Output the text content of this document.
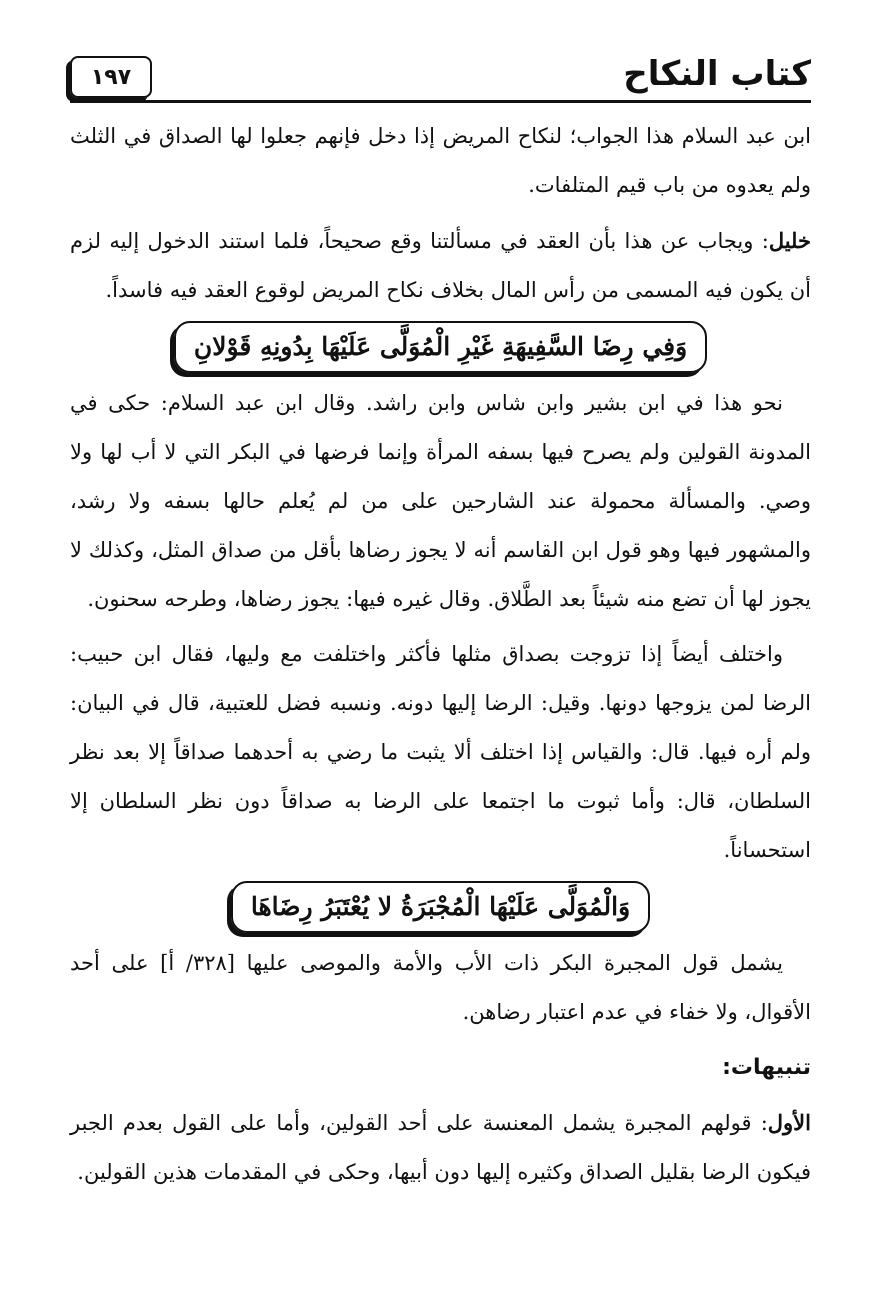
كتاب النكاح
١٩٧

ابن عبد السلام هذا الجواب؛ لنكاح المريض إذا دخل فإنهم جعلوا لها الصداق في الثلث ولم يعدوه من باب قيم المتلفات.

خليل: ويجاب عن هذا بأن العقد في مسألتنا وقع صحيحاً، فلما استند الدخول إليه لزم أن يكون فيه المسمى من رأس المال بخلاف نكاح المريض لوقوع العقد فيه فاسداً.

وَفِي رِضَا السَّفِيهَةِ غَيْرِ الْمُوَلَّى عَلَيْهَا بِدُونِهِ قَوْلانِ

نحو هذا في ابن بشير وابن شاس وابن راشد. وقال ابن عبد السلام: حكى في المدونة القولين ولم يصرح فيها بسفه المرأة وإنما فرضها في البكر التي لا أب لها ولا وصي. والمسألة محمولة عند الشارحين على من لم يُعلم حالها بسفه ولا رشد، والمشهور فيها وهو قول ابن القاسم أنه لا يجوز رضاها بأقل من صداق المثل، وكذلك لا يجوز لها أن تضع منه شيئاً بعد الطَّلاق. وقال غيره فيها: يجوز رضاها، وطرحه سحنون.

واختلف أيضاً إذا تزوجت بصداق مثلها فأكثر واختلفت مع وليها، فقال ابن حبيب: الرضا لمن يزوجها دونها. وقيل: الرضا إليها دونه. ونسبه فضل للعتبية، قال في البيان: ولم أره فيها. قال: والقياس إذا اختلف ألا يثبت ما رضي به أحدهما صداقاً إلا بعد نظر السلطان، قال: وأما ثبوت ما اجتمعا على الرضا به صداقاً دون نظر السلطان إلا استحساناً.

وَالْمُوَلَّى عَلَيْهَا الْمُجْبَرَةُ لا يُعْتَبَرُ رِضَاهَا

يشمل قول المجبرة البكر ذات الأب والأمة والموصى عليها [٣٢٨/ أ] على أحد الأقوال، ولا خفاء في عدم اعتبار رضاهن.

تنبيهات:

الأول: قولهم المجبرة يشمل المعنسة على أحد القولين، وأما على القول بعدم الجبر فيكون الرضا بقليل الصداق وكثيره إليها دون أبيها، وحكى في المقدمات هذين القولين.
